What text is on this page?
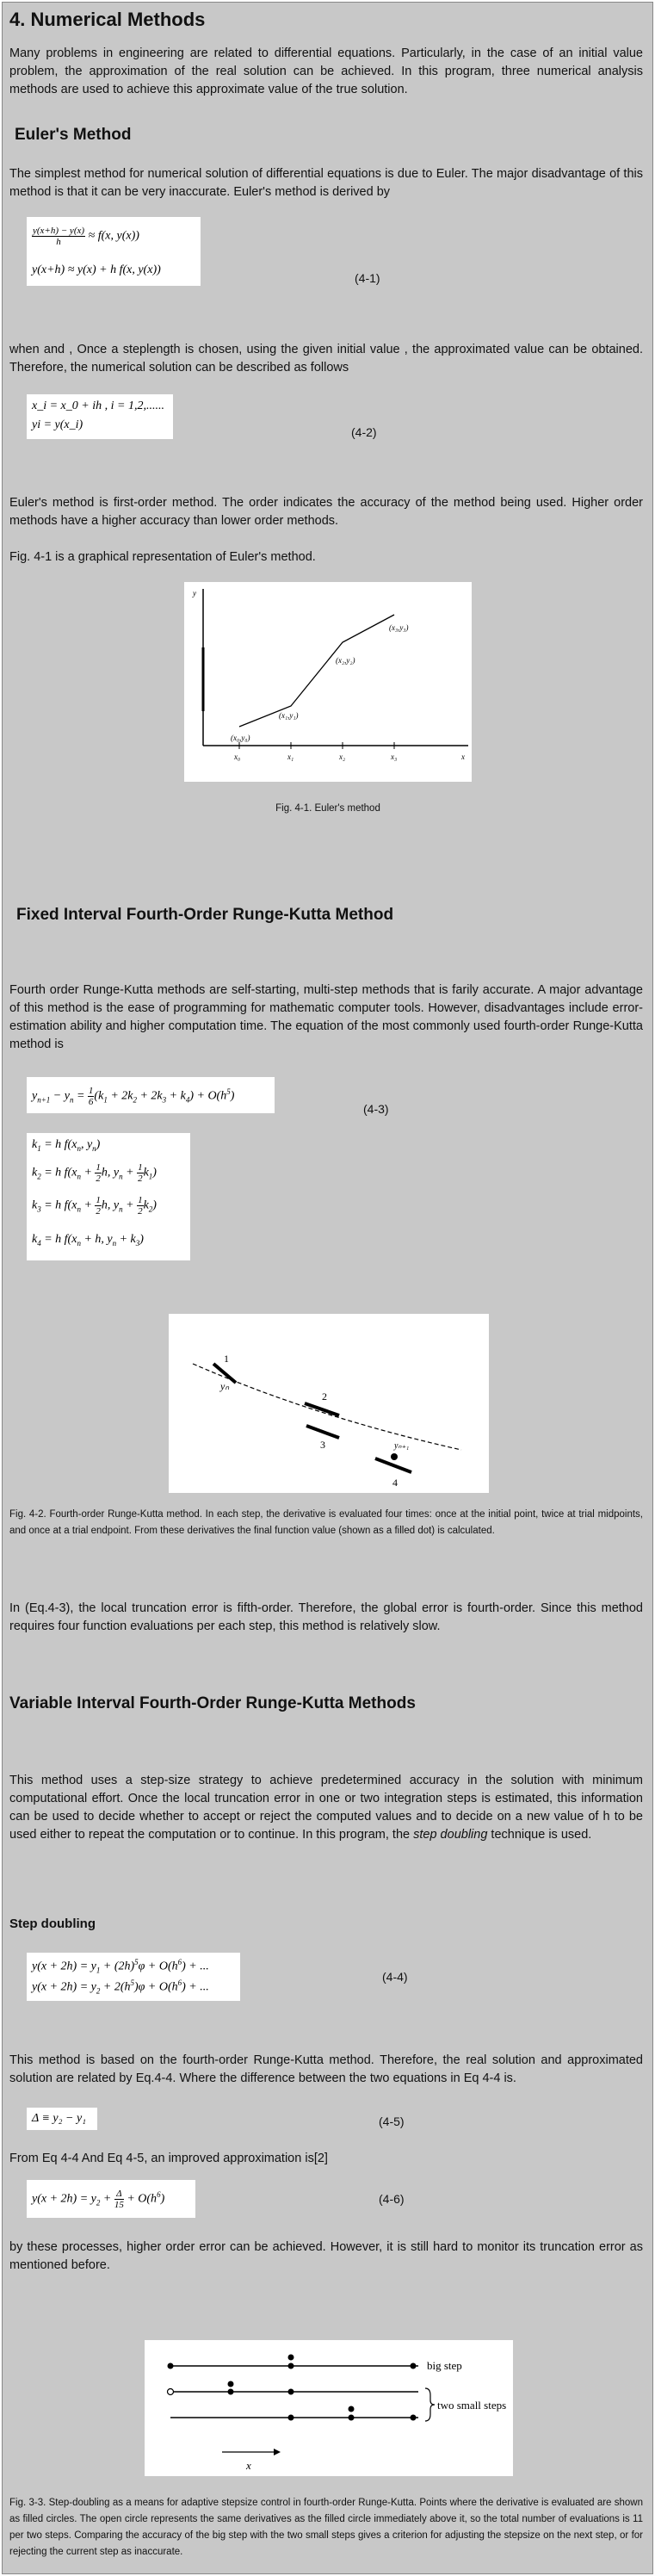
4. Numerical Methods

Many problems in engineering are related to differential equations. Particularly, in the case of an initial value problem, the approximation of the real solution can be achieved. In this program, three numerical analysis methods are used to achieve this approximate value of the true solution.

Euler's Method

The simplest method for numerical solution of differential equations is due to Euler. The major disadvantage of this method is that it can be very inaccurate. Euler's method is derived by

$\frac{y(x+h) - y(x)}{h} \approx f(x$, y(x))
y(x+h) ≈ y(x) + h f(x, y(x))
(4-1)

when and , Once a steplength is chosen, using the given initial value , the approximated value can be obtained. Therefore, the numerical solution can be described as follows

x_i = x_0 + ih , i = 1,2,......
yi = y(x_i)
(4-2)

Euler's method is first-order method. The order indicates the accuracy of the method being used. Higher order methods have a higher accuracy than lower order methods.

Fig. 4-1 is a graphical representation of Euler's method.

(x₀,y₀)
(x₁,y₁)
(x₂,y₂)
(x₃,y₃)
x₀	x₁	x₂	x₃	x
y
Fig. 4-1. Euler's method
Fixed Interval Fourth-Order Runge-Kutta Method

Fourth order Runge-Kutta methods are self-starting, multi-step methods that is farily accurate. A major advantage of this method is the ease of programming for mathematic computer tools. However, disadvantages include error-estimation ability and higher computation time. The equation of the most commonly used fourth-order Runge-Kutta method is

$y_{n+1} - y_n = \frac{1}{6} (k_1 + 2k_2 + 2k_3 + k_4) + O(h^5)$
(4-3)
$k_1 = h$ $f(x_n$, $y_n$)
$k_2 = h$ $f(x_n + \frac{1}{2} h$, $y_n + \frac{1}{2} k_1$)
$k_3 = h$ $f(x_n + \frac{1}{2} h$, $y_n + \frac{1}{2} k_2$)
$k_4 = h$ $f(x_n + h$, $y_n + k_3$)
1
2
3
4
yₙ
yₙ₊₁

Fig. 4-2. Fourth-order Runge-Kutta method. In each step, the derivative is evaluated four times: once at the initial point, twice at trial midpoints, and once at a trial endpoint. From these derivatives the final function value (shown as a filled dot) is calculated.

In (Eq.4-3), the local truncation error is fifth-order. Therefore, the global error is fourth-order. Since this method requires four function evaluations per each step, this method is relatively slow.

Variable Interval Fourth-Order Runge-Kutta Methods

This method uses a step-size strategy to achieve predetermined accuracy in the solution with minimum computational effort. Once the local truncation error in one or two integration steps is estimated, this information can be used to decide whether to accept or reject the computed values and to decide on a new value of h to be used either to repeat the computation or to continue. In this program, the step doubling technique is used.

Step doubling
$y(x + 2h) = y_1 + (2h)^5\varphi + O(h^6)$ + ...
$y(x + 2h) = y_2 + 2(h^5)\varphi + O(h^6)$ + ...
(4-4)

This method is based on the fourth-order Runge-Kutta method. Therefore, the real solution and approximated solution are related by Eq.4-4. Where the difference between the two equations in Eq 4-4 is.

Δ ≡ y₂ − y₁	(4-5)

From Eq 4-4 And Eq 4-5, an improved approximation is[2]

$y(x + 2h) = y_2 + \frac{\Delta}{15} + O(h^6)$	(4-6)

by these processes, higher order error can be achieved. However, it is still hard to monitor its truncation error as mentioned before.

big step
two small steps
x

Fig. 3-3. Step-doubling as a means for adaptive stepsize control in fourth-order Runge-Kutta. Points where the derivative is evaluated are shown as filled circles. The open circle represents the same derivatives as the filled circle immediately above it, so the total number of evaluations is 11 per two steps. Comparing the accuracy of the big step with the two small steps gives a criterion for adjusting the stepsize on the next step, or for rejecting the current step as inaccurate.
